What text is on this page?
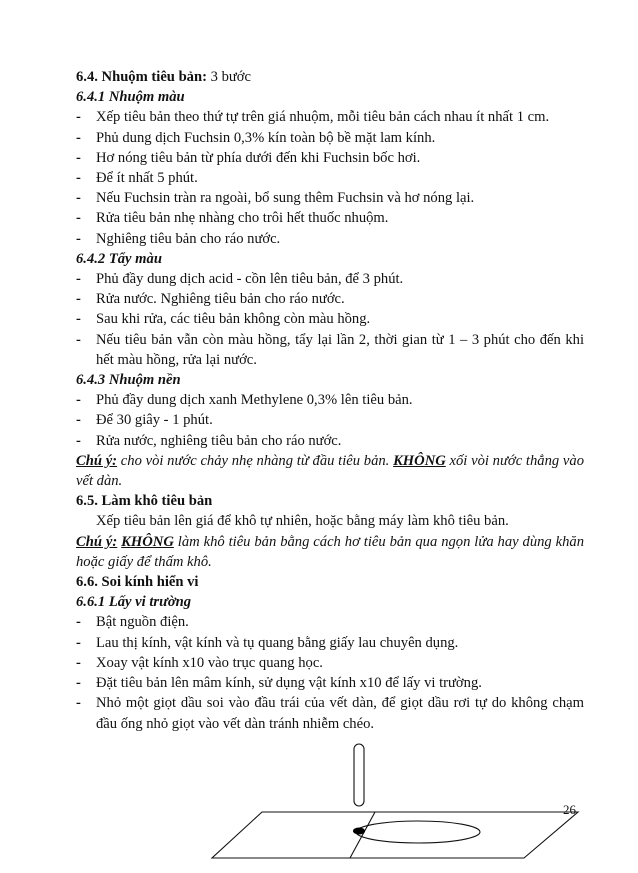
6.4. Nhuộm tiêu bản: 3 bước

6.4.1 Nhuộm màu

- Xếp tiêu bản theo thứ tự trên giá nhuộm, mỗi tiêu bản cách nhau ít nhất 1 cm.
- Phủ dung dịch Fuchsin 0,3% kín toàn bộ bề mặt lam kính.
- Hơ nóng tiêu bản từ phía dưới đến khi Fuchsin bốc hơi.
- Để ít nhất 5 phút.
- Nếu Fuchsin tràn ra ngoài, bổ sung thêm Fuchsin và hơ nóng lại.
- Rửa tiêu bản nhẹ nhàng cho trôi hết thuốc nhuộm.
- Nghiêng tiêu bản cho ráo nước.

6.4.2 Tẩy màu

- Phủ đầy dung dịch acid - cồn lên tiêu bản, để 3 phút.
- Rửa nước. Nghiêng tiêu bản cho ráo nước.
- Sau khi rửa, các tiêu bản không còn màu hồng.
- Nếu tiêu bản vẫn còn màu hồng, tẩy lại lần 2, thời gian từ 1 – 3 phút cho đến khi hết màu hồng, rửa lại nước.

6.4.3 Nhuộm nền

- Phủ đầy dung dịch xanh Methylene 0,3% lên tiêu bản.
- Để 30 giây - 1 phút.
- Rửa nước, nghiêng tiêu bản cho ráo nước.

Chú ý: cho vòi nước chảy nhẹ nhàng từ đầu tiêu bản. KHÔNG xối vòi nước thẳng vào vết dàn.

6.5. Làm khô tiêu bản

Xếp tiêu bản lên giá để khô tự nhiên, hoặc bằng máy làm khô tiêu bản.

Chú ý: KHÔNG làm khô tiêu bản bằng cách hơ tiêu bản qua ngọn lửa hay dùng khăn hoặc giấy để thấm khô.

6.6. Soi kính hiển vi

6.6.1 Lấy vi trường

- Bật nguồn điện.
- Lau thị kính, vật kính và tụ quang bằng giấy lau chuyên dụng.
- Xoay vật kính x10 vào trục quang học.
- Đặt tiêu bản lên mâm kính, sử dụng vật kính x10 để lấy vi trường.
- Nhỏ một giọt dầu soi vào đầu trái của vết dàn, để giọt dầu rơi tự do không chạm đầu ống nhỏ giọt vào vết dàn tránh nhiễm chéo.
26
